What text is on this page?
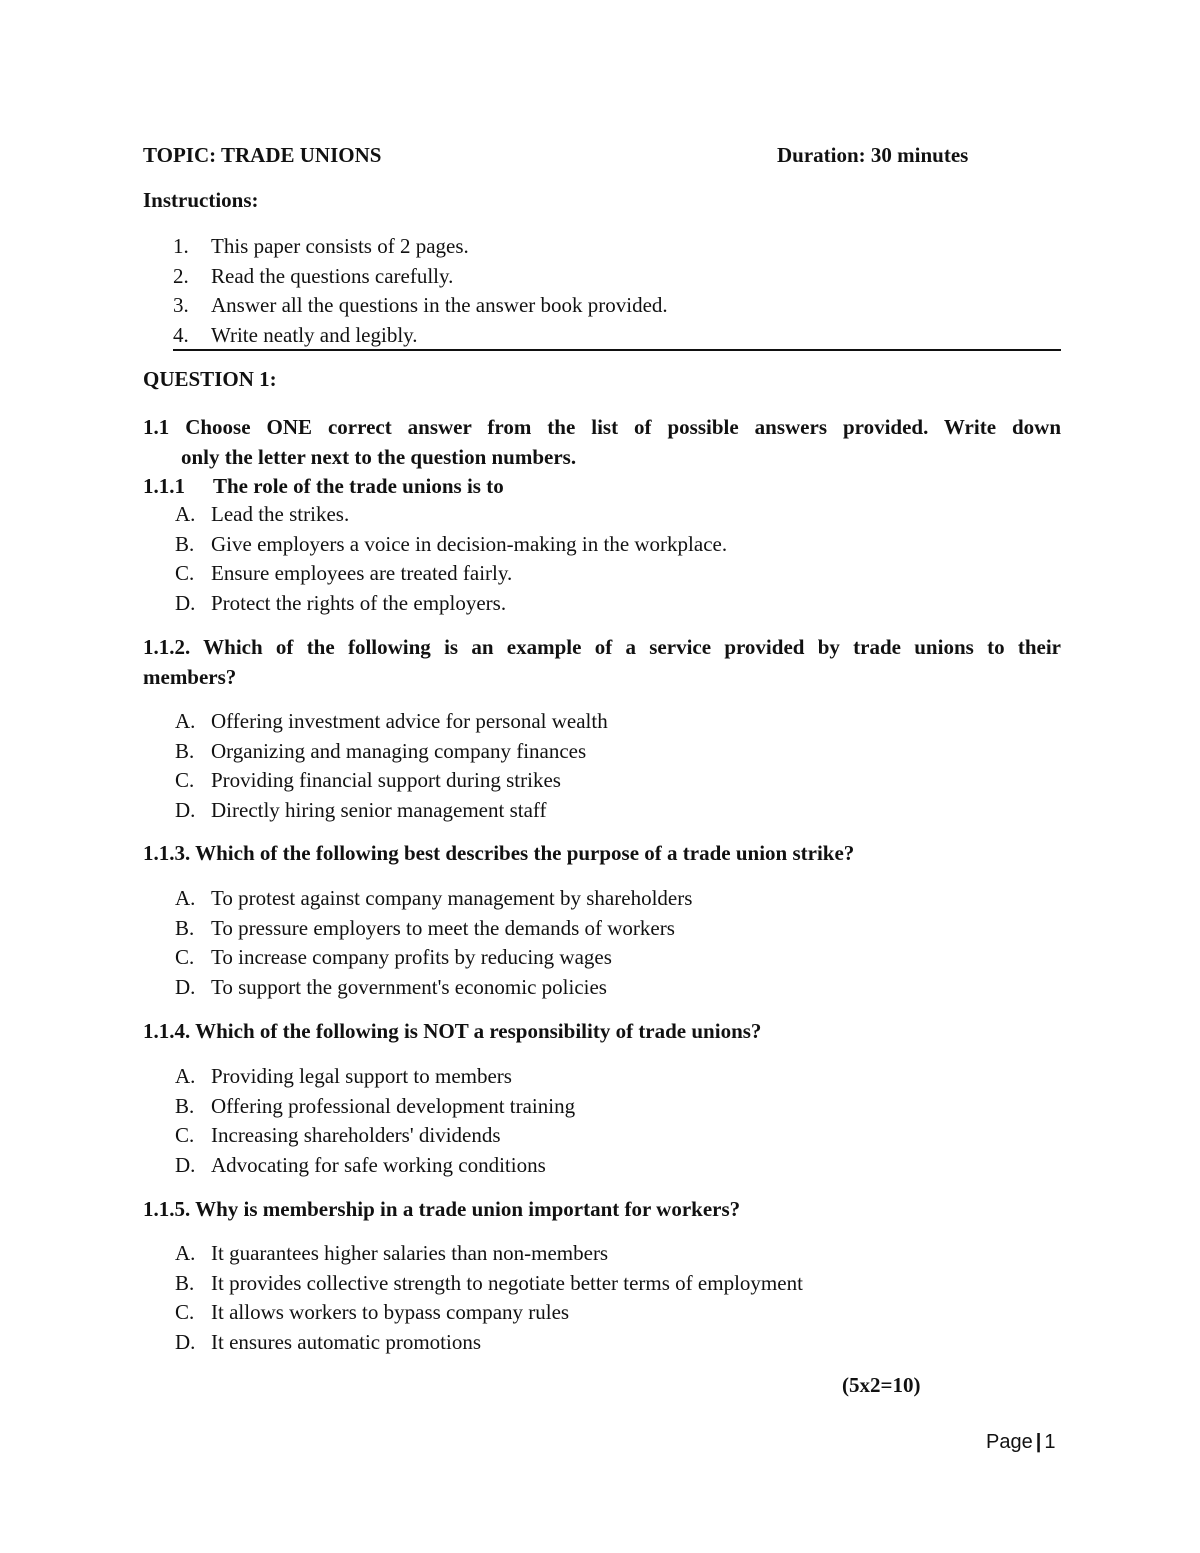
TOPIC: TRADE UNIONS	Duration: 30 minutes
Instructions:
1. This paper consists of 2 pages.
2. Read the questions carefully.
3. Answer all the questions in the answer book provided.
4. Write neatly and legibly.
QUESTION 1:
1.1 Choose ONE correct answer from the list of possible answers provided. Write down
only the letter next to the question numbers.
1.1.1 The role of the trade unions is to
A. Lead the strikes.
B. Give employers a voice in decision-making in the workplace.
C. Ensure employees are treated fairly.
D. Protect the rights of the employers.
1.1.2. Which of the following is an example of a service provided by trade unions to their
members?
A. Offering investment advice for personal wealth
B. Organizing and managing company finances
C. Providing financial support during strikes
D. Directly hiring senior management staff
1.1.3. Which of the following best describes the purpose of a trade union strike?
A. To protest against company management by shareholders
B. To pressure employers to meet the demands of workers
C. To increase company profits by reducing wages
D. To support the government's economic policies
1.1.4. Which of the following is NOT a responsibility of trade unions?
A. Providing legal support to members
B. Offering professional development training
C. Increasing shareholders' dividends
D. Advocating for safe working conditions
1.1.5. Why is membership in a trade union important for workers?
A. It guarantees higher salaries than non-members
B. It provides collective strength to negotiate better terms of employment
C. It allows workers to bypass company rules
D. It ensures automatic promotions
(5x2=10)
Page | 1
